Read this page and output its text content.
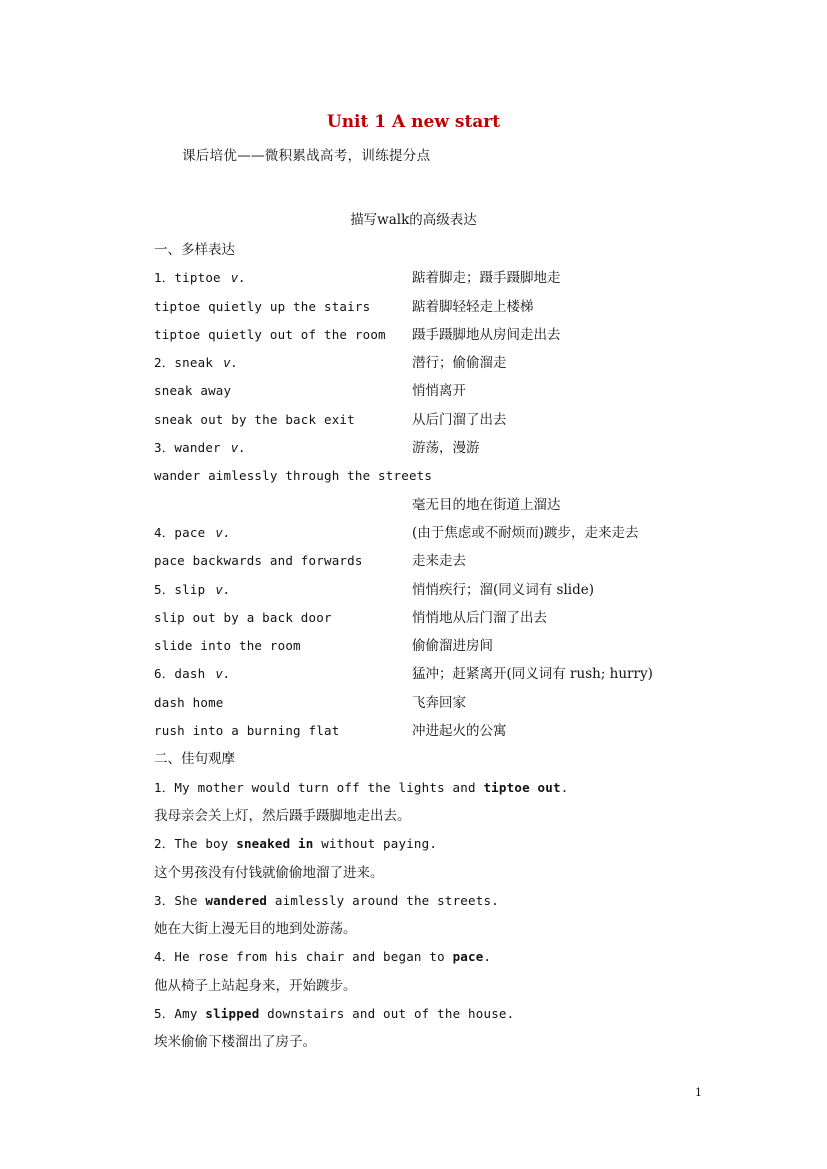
Unit 1 A new start
课后培优——微积累战高考，训练提分点
描写walk的高级表达
一、多样表达
1．tiptoe v.	踮着脚走；蹑手蹑脚地走
tiptoe quietly up the stairs	踮着脚轻轻走上楼梯
tiptoe quietly out of the room 蹑手蹑脚地从房间走出去
2．sneak v.	潜行；偷偷溜走
sneak away	悄悄离开
sneak out by the back exit	从后门溜了出去
3．wander v.	游荡，漫游
wander aimlessly through the streets
毫无目的地在街道上溜达
4．pace v.	(由于焦虑或不耐烦而)踱步，走来走去
pace backwards and forwards	走来走去
5．slip v.	悄悄疾行；溜(同义词有 slide)
slip out by a back door	悄悄地从后门溜了出去
slide into the room	偷偷溜进房间
6．dash v.	猛冲；赶紧离开(同义词有 rush; hurry)
dash home	飞奔回家
rush into a burning flat	冲进起火的公寓
二、佳句观摩
1．My mother would turn off the lights and tiptoe out.
我母亲会关上灯，然后蹑手蹑脚地走出去。
2．The boy sneaked in without paying.
这个男孩没有付钱就偷偷地溜了进来。
3．She wandered aimlessly around the streets.
她在大街上漫无目的地到处游荡。
4．He rose from his chair and began to pace.
他从椅子上站起身来，开始踱步。
5．Amy slipped downstairs and out of the house.
埃米偷偷下楼溜出了房子。
1
